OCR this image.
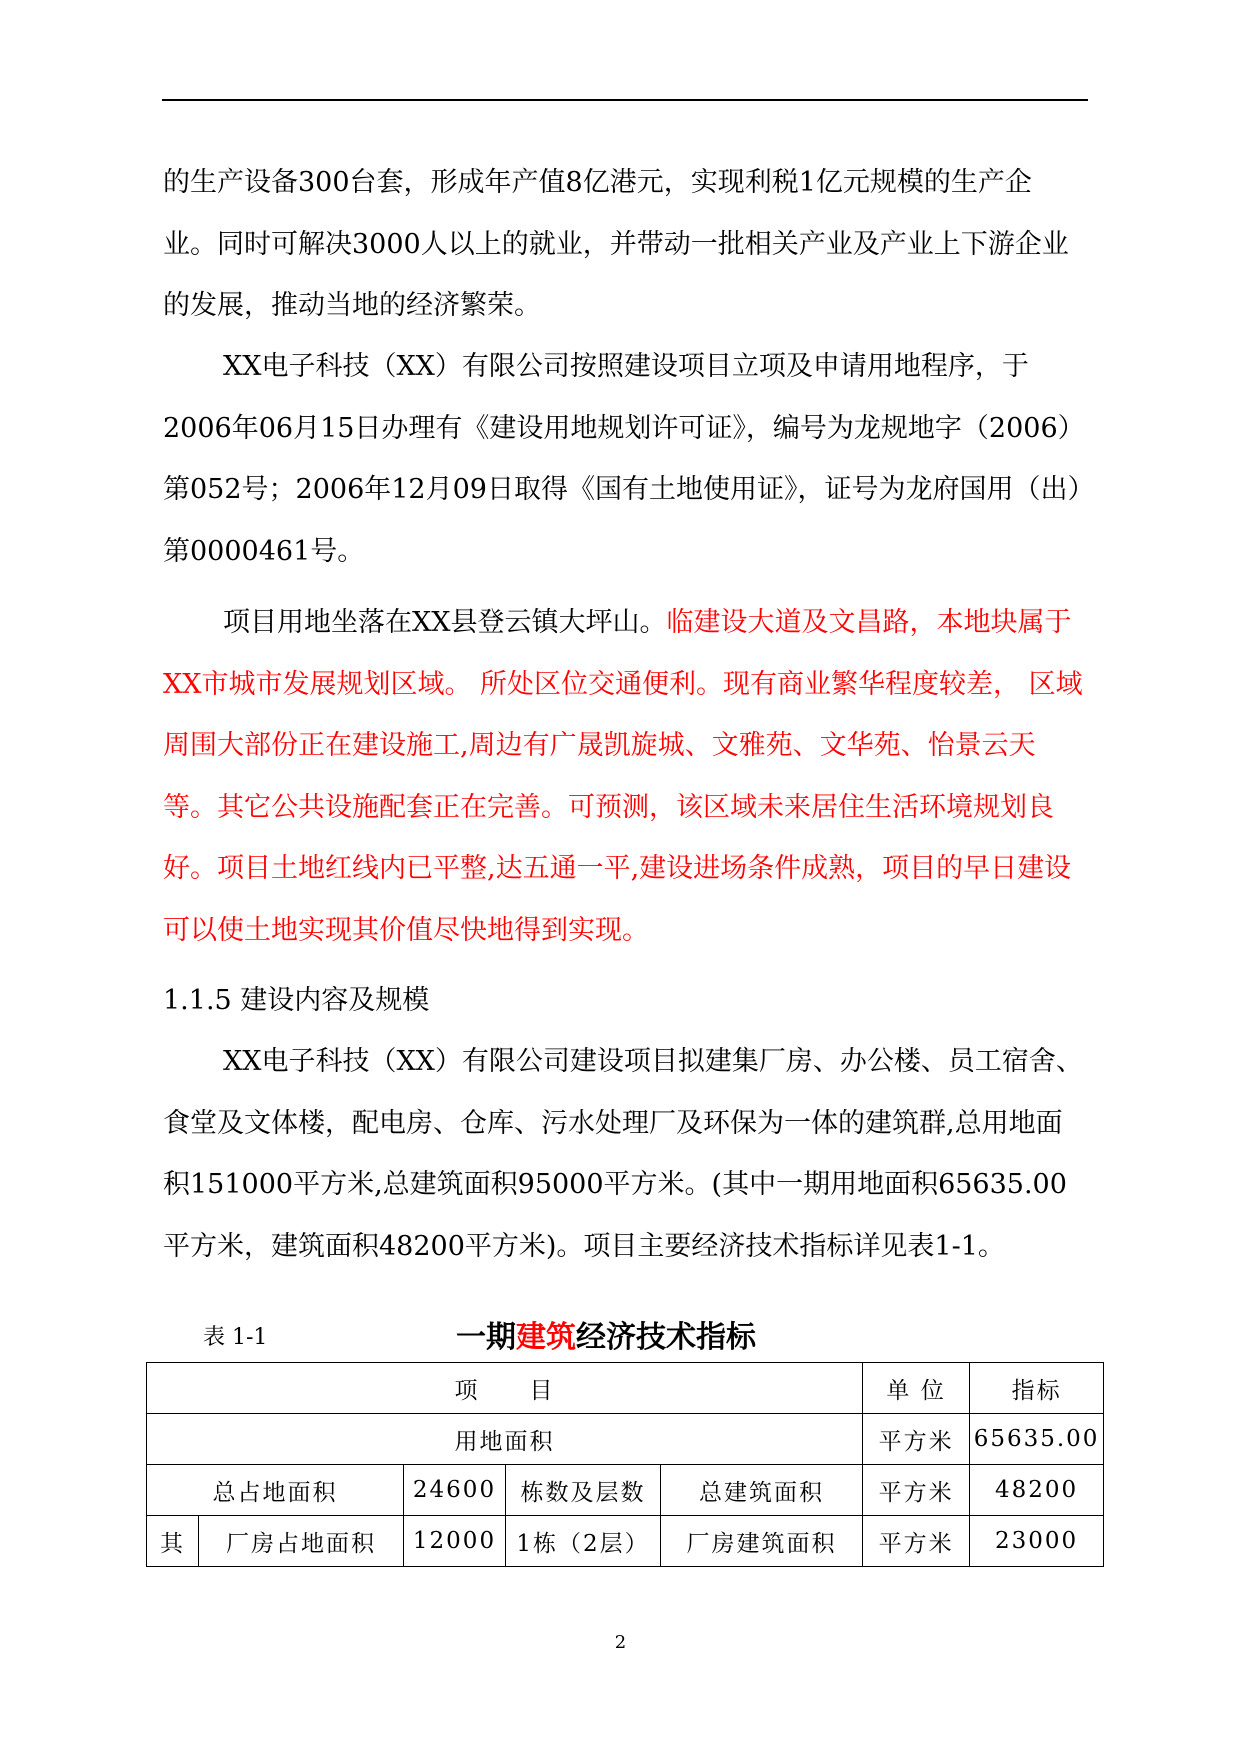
的生产设备300台套，形成年产值8亿港元，实现利税1亿元规模的生产企业。同时可解决3000人以上的就业，并带动一批相关产业及产业上下游企业的发展，推动当地的经济繁荣。

XX电子科技（XX）有限公司按照建设项目立项及申请用地程序，于2006年06月15日办理有《建设用地规划许可证》，编号为龙规地字（2006）第052号；2006年12月09日取得《国有土地使用证》，证号为龙府国用（出）第0000461号。

项目用地坐落在XX县登云镇大坪山。临建设大道及文昌路，本地块属于XX市城市发展规划区域。 所处区位交通便利。现有商业繁华程度较差， 区域周围大部份正在建设施工,周边有广晟凯旋城、文雅苑、文华苑、怡景云天等。其它公共设施配套正在完善。可预测，该区域未来居住生活环境规划良好。项目土地红线内已平整,达五通一平,建设进场条件成熟，项目的早日建设可以使土地实现其价值尽快地得到实现。

1.1.5 建设内容及规模

XX电子科技（XX）有限公司建设项目拟建集厂房、办公楼、员工宿舍、食堂及文体楼，配电房、仓库、污水处理厂及环保为一体的建筑群,总用地面积151000平方米,总建筑面积95000平方米。(其中一期用地面积65635.00平方米，建筑面积48200平方米)。项目主要经济技术指标详见表1-1。

表 1-1	一期建筑经济技术指标
项　　目					单 位	指标
用地面积					平方米	65635.00
总占地面积		24600	栋数及层数	总建筑面积	平方米	48200
其	厂房占地面积	12000	1栋（2层）	厂房建筑面积	平方米	23000
2
